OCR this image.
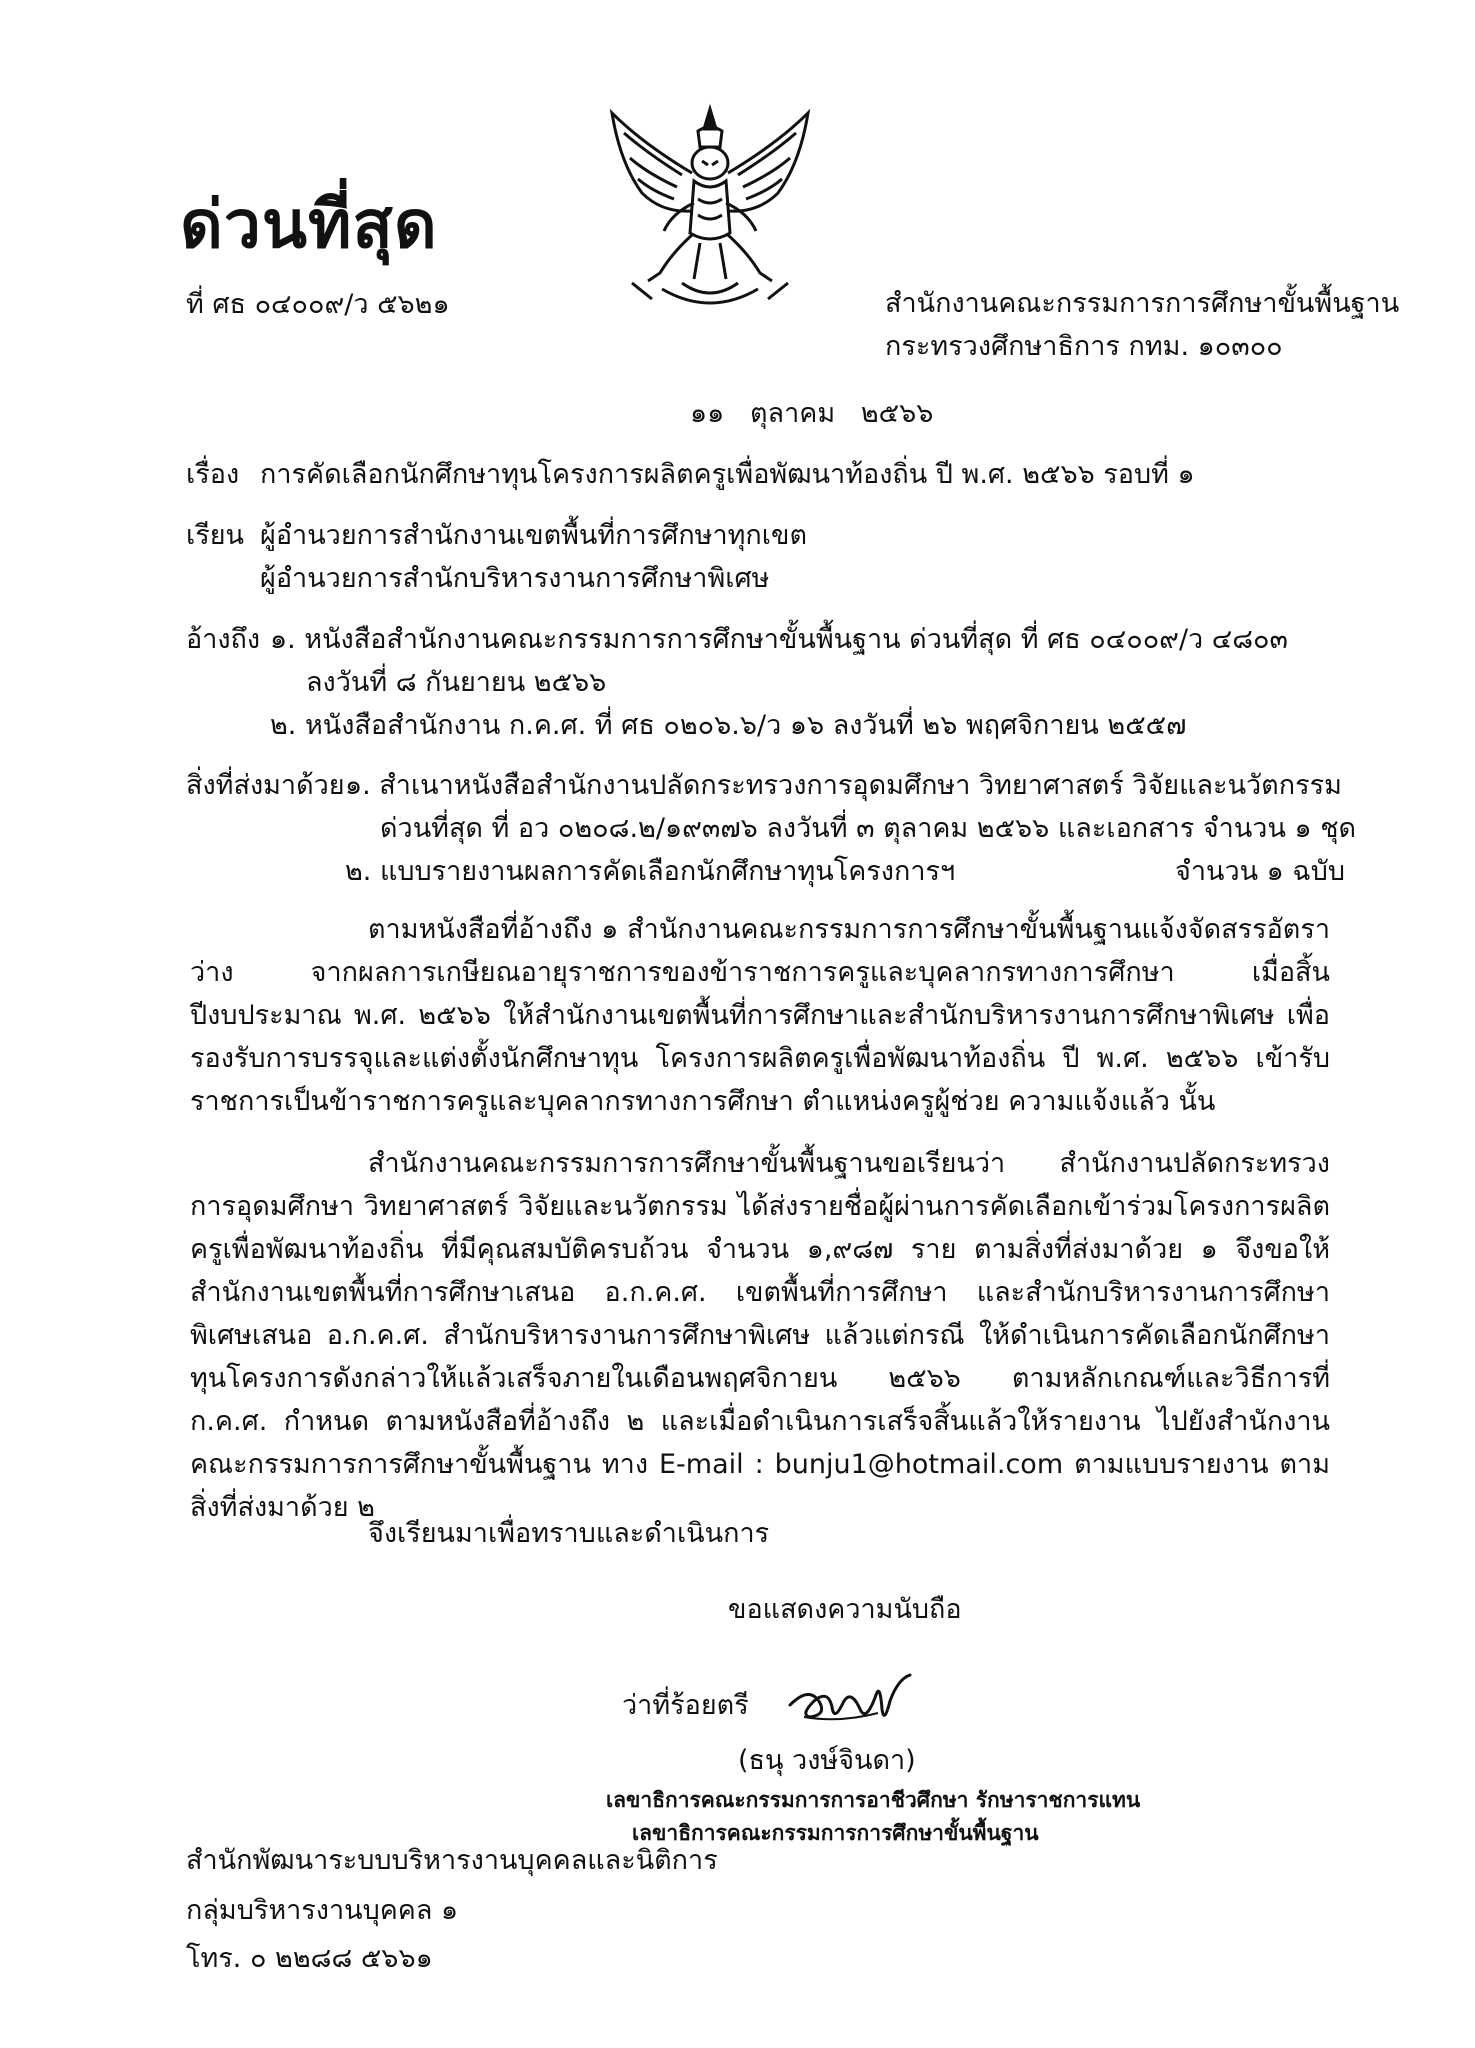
ด่วนที่สุด
ที่ ศธ ๐๔๐๐๙/ว ๕๖๒๑	สำนักงานคณะกรรมการการศึกษาขั้นพื้นฐาน
กระทรวงศึกษาธิการ กทม. ๑๐๓๐๐
๑๑   ตุลาคม   ๒๕๖๖
เรื่อง การคัดเลือกนักศึกษาทุนโครงการผลิตครูเพื่อพัฒนาท้องถิ่น ปี พ.ศ. ๒๕๖๖ รอบที่ ๑
เรียน ผู้อำนวยการสำนักงานเขตพื้นที่การศึกษาทุกเขต
ผู้อำนวยการสำนักบริหารงานการศึกษาพิเศษ
อ้างถึง ๑. หนังสือสำนักงานคณะกรรมการการศึกษาขั้นพื้นฐาน ด่วนที่สุด ที่ ศธ ๐๔๐๐๙/ว ๔๘๐๓
ลงวันที่ ๘ กันยายน ๒๕๖๖
๒. หนังสือสำนักงาน ก.ค.ศ. ที่ ศธ ๐๒๐๖.๖/ว ๑๖ ลงวันที่ ๒๖ พฤศจิกายน ๒๕๕๗
สิ่งที่ส่งมาด้วย ๑. สำเนาหนังสือสำนักงานปลัดกระทรวงการอุดมศึกษา วิทยาศาสตร์ วิจัยและนวัตกรรม
ด่วนที่สุด ที่ อว ๐๒๐๘.๒/๑๙๓๗๖ ลงวันที่ ๓ ตุลาคม ๒๕๖๖ และเอกสาร จำนวน ๑ ชุด
๒. แบบรายงานผลการคัดเลือกนักศึกษาทุนโครงการฯ	จำนวน ๑ ฉบับ
ตามหนังสือที่อ้างถึง ๑ สำนักงานคณะกรรมการการศึกษาขั้นพื้นฐานแจ้งจัดสรรอัตราว่าง จากผลการเกษียณอายุราชการของข้าราชการครูและบุคลากรทางการศึกษา เมื่อสิ้นปีงบประมาณ พ.ศ. ๒๕๖๖ ให้สำนักงานเขตพื้นที่การศึกษาและสำนักบริหารงานการศึกษาพิเศษ เพื่อรองรับการบรรจุและแต่งตั้งนักศึกษาทุน โครงการผลิตครูเพื่อพัฒนาท้องถิ่น ปี พ.ศ. ๒๕๖๖ เข้ารับราชการเป็นข้าราชการครูและบุคลากรทางการศึกษา ตำแหน่งครูผู้ช่วย ความแจ้งแล้ว นั้น
สำนักงานคณะกรรมการการศึกษาขั้นพื้นฐานขอเรียนว่า สำนักงานปลัดกระทรวงการอุดมศึกษา วิทยาศาสตร์ วิจัยและนวัตกรรม ได้ส่งรายชื่อผู้ผ่านการคัดเลือกเข้าร่วมโครงการผลิตครูเพื่อพัฒนาท้องถิ่น ที่มีคุณสมบัติครบถ้วน จำนวน ๑,๙๘๗ ราย ตามสิ่งที่ส่งมาด้วย ๑ จึงขอให้สำนักงานเขตพื้นที่การศึกษาเสนอ อ.ก.ค.ศ. เขตพื้นที่การศึกษา และสำนักบริหารงานการศึกษาพิเศษเสนอ อ.ก.ค.ศ. สำนักบริหารงานการศึกษาพิเศษ แล้วแต่กรณี ให้ดำเนินการคัดเลือกนักศึกษาทุนโครงการดังกล่าวให้แล้วเสร็จภายในเดือนพฤศจิกายน ๒๕๖๖ ตามหลักเกณฑ์และวิธีการที่ ก.ค.ศ. กำหนด ตามหนังสือที่อ้างถึง ๒ และเมื่อดำเนินการเสร็จสิ้นแล้วให้รายงาน ไปยังสำนักงานคณะกรรมการการศึกษาขั้นพื้นฐาน ทาง E-mail : bunju1@hotmail.com ตามแบบรายงาน ตามสิ่งที่ส่งมาด้วย ๒
จึงเรียนมาเพื่อทราบและดำเนินการ
ขอแสดงความนับถือ
ว่าที่ร้อยตรี
(ธนุ วงษ์จินดา)
เลขาธิการคณะกรรมการการอาชีวศึกษา รักษาราชการแทน
เลขาธิการคณะกรรมการการศึกษาขั้นพื้นฐาน
สำนักพัฒนาระบบบริหารงานบุคคลและนิติการ
กลุ่มบริหารงานบุคคล ๑
โทร. ๐ ๒๒๘๘ ๕๖๖๑
